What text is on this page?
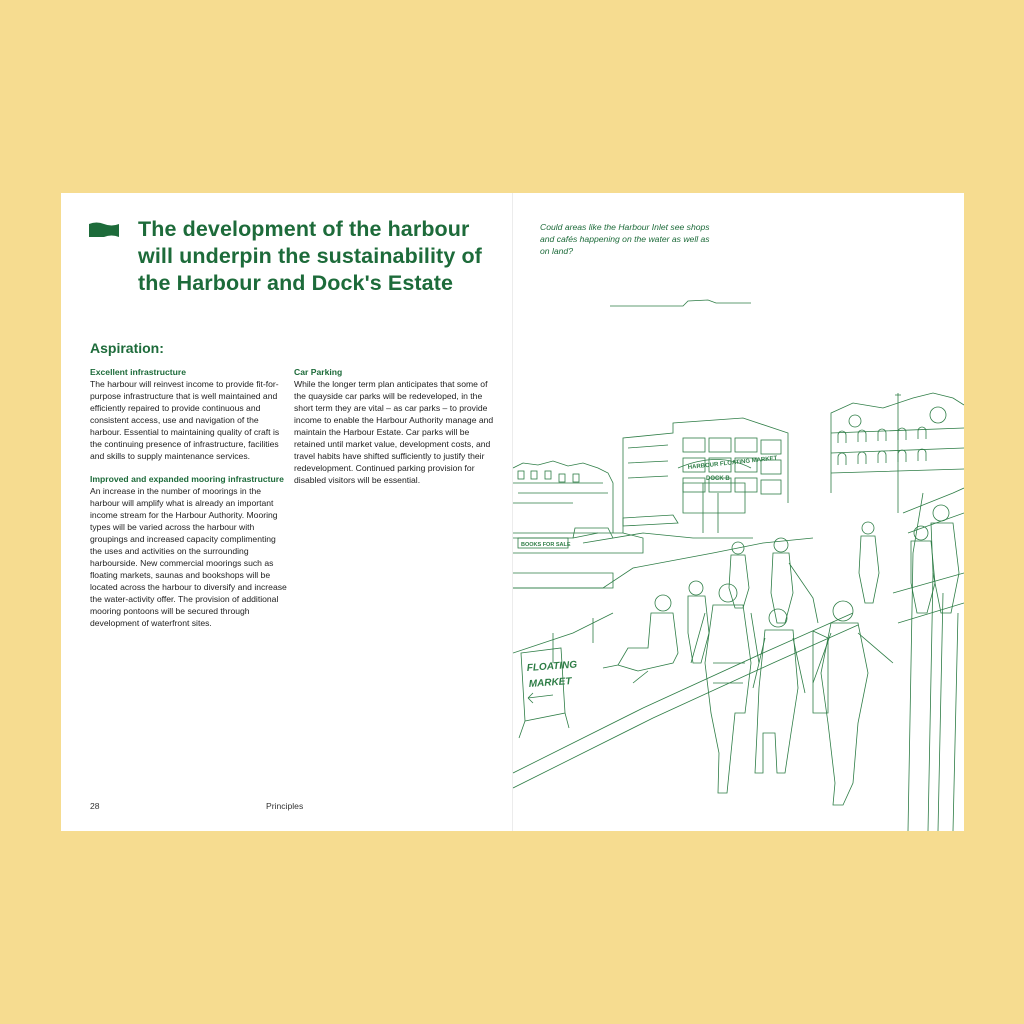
The development of the harbour will underpin the sustainability of the Harbour and Dock's Estate
Aspiration:

Excellent infrastructure

The harbour will reinvest income to provide fit-for-purpose infrastructure that is well maintained and efficiently repaired to provide continuous and consistent access, use and navigation of the harbour. Essential to maintaining quality of craft is the continuing presence of infrastructure, facilities and skills to supply maintenance services.

Improved and expanded mooring infrastructure

An increase in the number of moorings in the harbour will amplify what is already an important income stream for the Harbour Authority. Mooring types will be varied across the harbour with groupings and increased capacity complimenting the uses and activities on the surrounding harbourside. New commercial moorings such as floating markets, saunas and bookshops will be located across the harbour to diversify and increase the water-activity offer. The provision of additional mooring pontoons will be secured through development of waterfront sites.

Car Parking

While the longer term plan anticipates that some of the quayside car parks will be redeveloped, in the short term they are vital – as car parks – to provide income to enable the Harbour Authority manage and maintain the Harbour Estate. Car parks will be retained until market value, development costs, and travel habits have shifted sufficiently to justify their redevelopment. Continued parking provision for disabled visitors will be essential.

28	Principles
HARBOUR FLOATING MARKET
DOCK B
FLOATING
MARKET
BOOKS FOR SALE

Could areas like the Harbour Inlet see shops and cafés happening on the water as well as on land?
